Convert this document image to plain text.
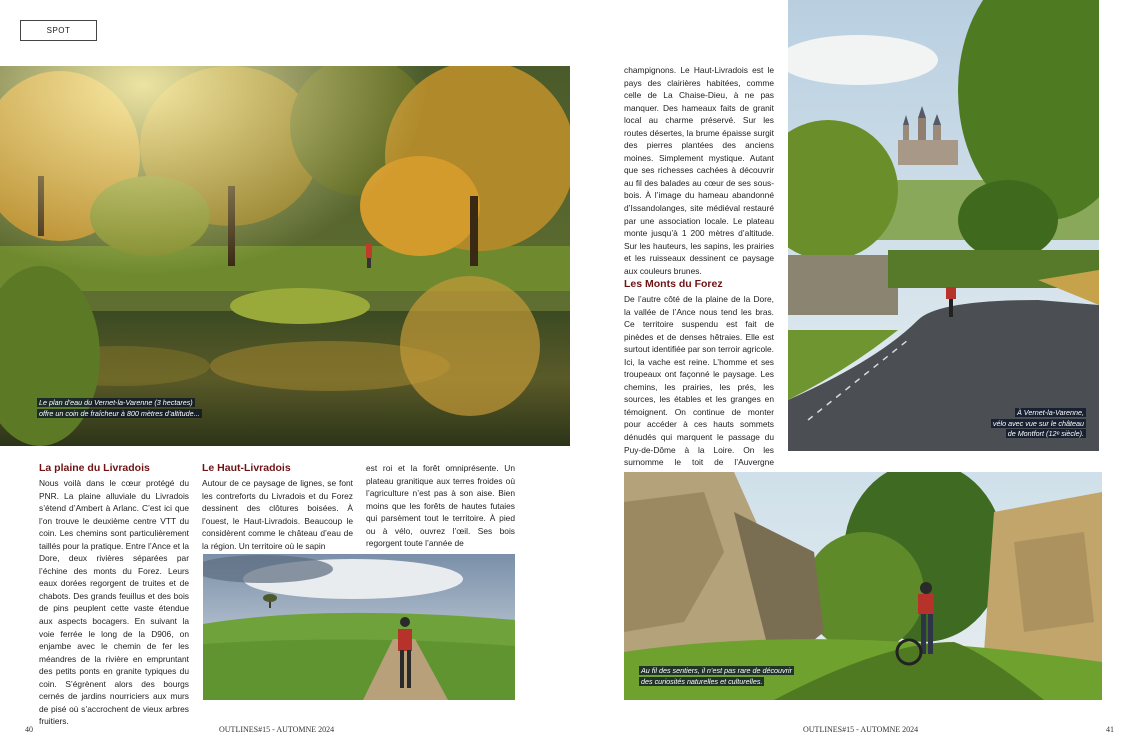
SPOT
Le plan d’eau du Vernet-la-Varenne (3 hectares)
offre un coin de fraîcheur à 800 mètres d’altitude...
La plaine du Livradois

Nous voilà dans le cœur protégé du PNR. La plaine alluviale du Livradois s’étend d’Ambert à Arlanc. C’est ici que l’on trouve le deuxième centre VTT du coin. Les chemins sont particulièrement taillés pour la pratique. Entre l’Ance et la Dore, deux rivières séparées par l’échine des monts du Forez. Leurs eaux dorées regorgent de truites et de chabots. Des grands feuillus et des bois de pins peuplent cette vaste étendue aux aspects bocagers. En suivant la voie ferrée le long de la D906, on enjambe avec le chemin de fer les méandres de la rivière en empruntant des petits ponts en granite typiques du coin. S’égrènent alors des bourgs cernés de jardins nourriciers aux murs de pisé où s’accrochent de vieux arbres fruitiers.

Le Haut-Livradois

Autour de ce paysage de lignes, se font les contreforts du Livradois et du Forez dessinent des clôtures boisées. À l’ouest, le Haut-Livradois. Beaucoup le considèrent comme le château d’eau de la région. Un territoire où le sapin

est roi et la forêt omniprésente. Un plateau granitique aux terres froides où l’agriculture n’est pas à son aise. Bien moins que les forêts de hautes futaies qui parsèment tout le territoire. À pied ou à vélo, ouvrez l’œil. Ses bois regorgent toute l’année de

champignons. Le Haut-Livradois est le pays des clairières habitées, comme celle de La Chaise-Dieu, à ne pas manquer. Des hameaux faits de granit local au charme préservé. Sur les routes désertes, la brume épaisse surgit des pierres plantées des anciens moines. Simplement mystique. Autant que ses richesses cachées à découvrir au fil des balades au cœur de ses sous-bois. À l’image du hameau abandonné d’Issandolanges, site médiéval restauré par une association locale. Le plateau monte jusqu’à 1 200 mètres d’altitude. Sur les hauteurs, les sapins, les prairies et les ruisseaux dessinent ce paysage aux couleurs brunes.

Les Monts du Forez

De l’autre côté de la plaine de la Dore, la vallée de l’Ance nous tend les bras. Ce territoire suspendu est fait de pinèdes et de denses hêtraies. Elle est surtout identifiée par son terroir agricole. Ici, la vache est reine. L’homme et ses troupeaux ont façonné le paysage. Les chemins, les prairies, les prés, les sources, les étables et les granges en témoignent. On continue de monter pour accéder à ces hauts sommets dénudés qui marquent le passage du Puy-de-Dôme à la Loire. On les surnomme le toit de l’Auvergne

À Vernet-la-Varenne,
vélo avec vue sur le château
de Montfort (12ᵉ siècle).
Au fil des sentiers, il n’est pas rare de découvrir
des curiosités naturelles et culturelles.
40	OUTLINES#15 - AUTOMNE 2024	OUTLINES#15 - AUTOMNE 2024	41
